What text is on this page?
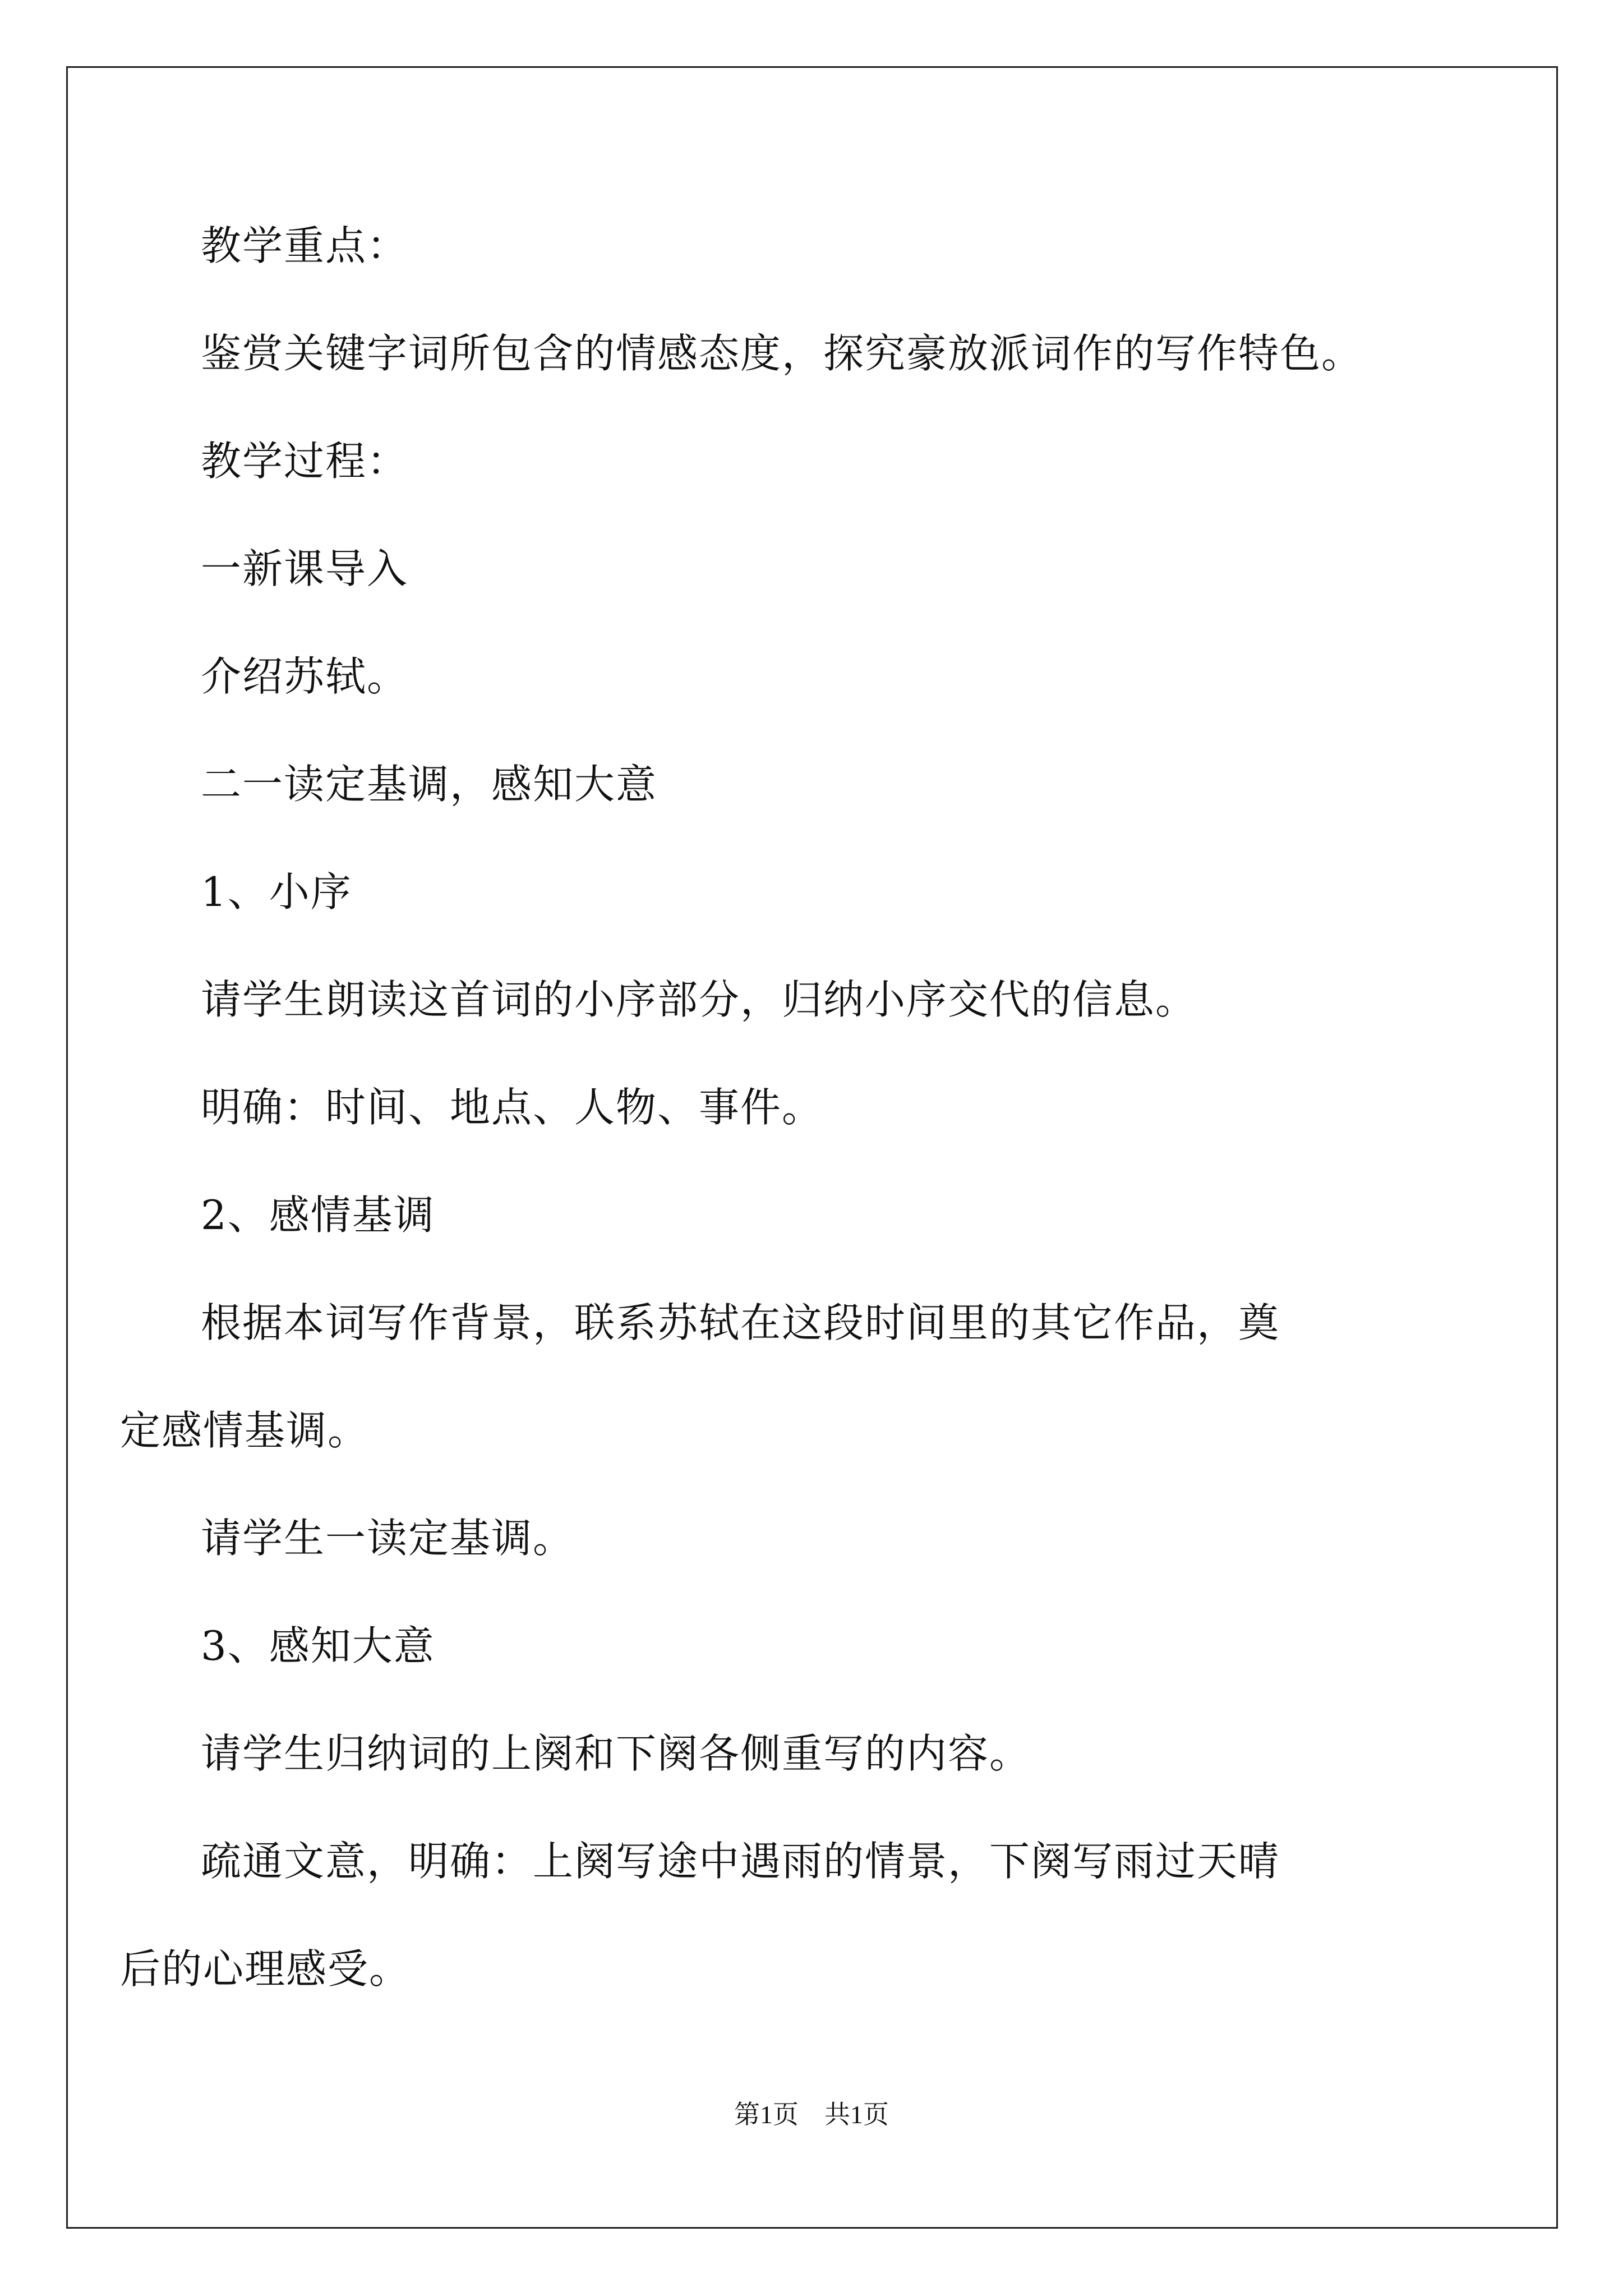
教学重点：

鉴赏关键字词所包含的情感态度，探究豪放派词作的写作特色。

教学过程：

一新课导入

介绍苏轼。

二一读定基调，感知大意

1、小序

请学生朗读这首词的小序部分，归纳小序交代的信息。

明确：时间、地点、人物、事件。

2、感情基调

根据本词写作背景，联系苏轼在这段时间里的其它作品，奠定感情基调。

请学生一读定基调。

3、感知大意

请学生归纳词的上阕和下阕各侧重写的内容。

疏通文意，明确：上阕写途中遇雨的情景，下阕写雨过天晴后的心理感受。

第1页　共1页
